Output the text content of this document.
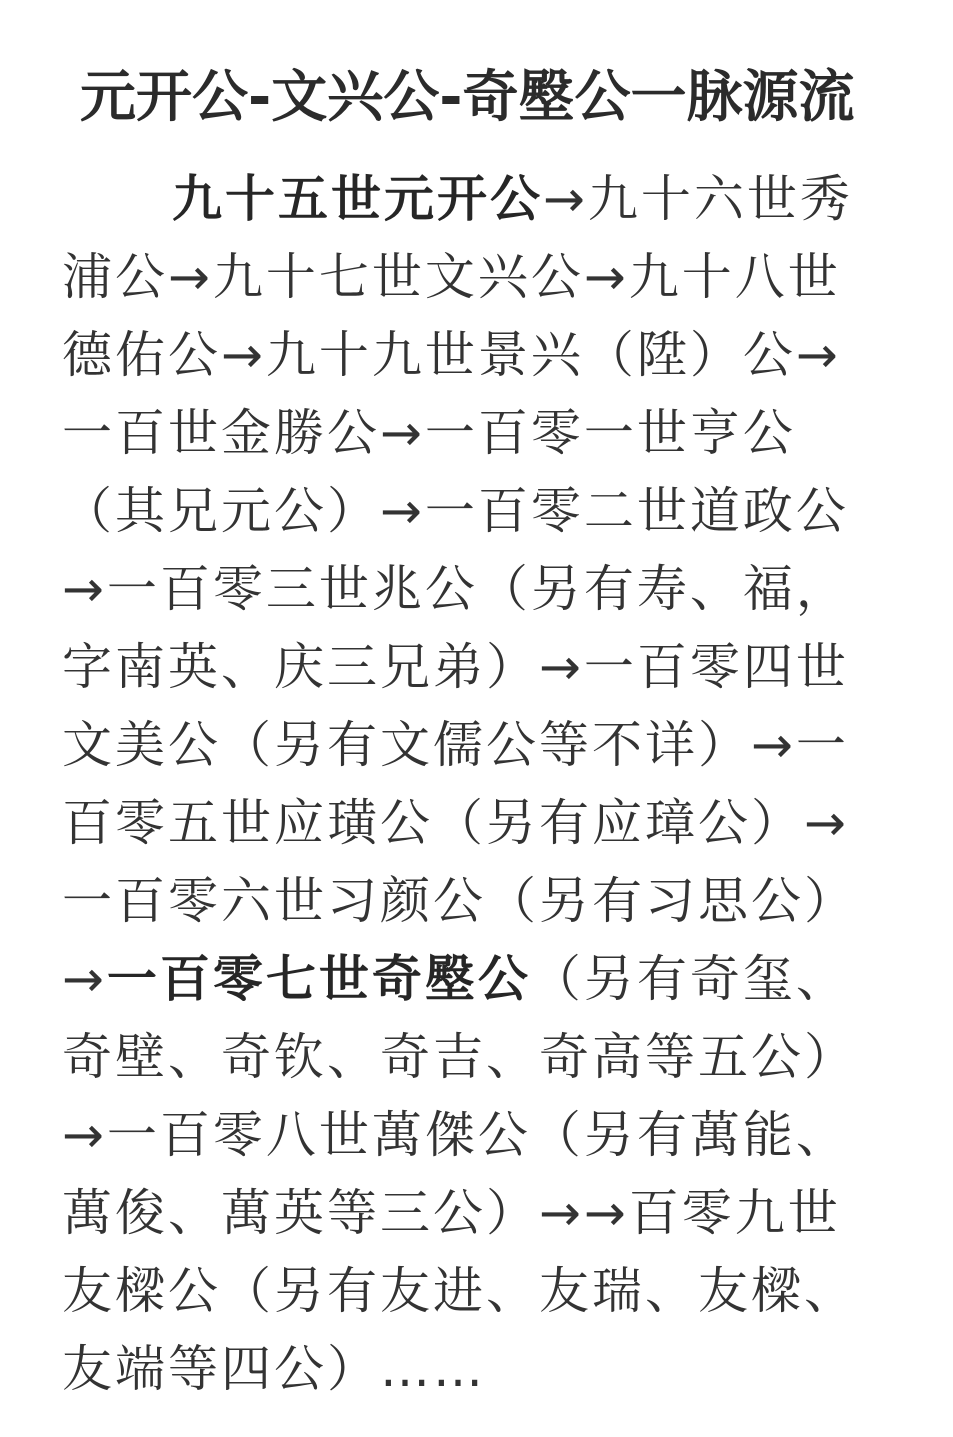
元开公-文兴公-奇壂公一脉源流
九十五世元开公→九十六世秀
浦公→九十七世文兴公→九十八世
德佑公→九十九世景兴（陞）公→
一百世金勝公→一百零一世亨公
（其兄元公）→一百零二世道政公
→一百零三世兆公（另有寿、福，
字南英、庆三兄弟）→一百零四世
文美公（另有文儒公等不详）→一
百零五世应璜公（另有应璋公）→
一百零六世习颜公（另有习思公）
→一百零七世奇壂公（另有奇玺、
奇壁、奇钦、奇吉、奇高等五公）
→一百零八世萬傑公（另有萬能、
萬俊、萬英等三公）→→百零九世
友樑公（另有友进、友瑞、友樑、
友端等四公）……
